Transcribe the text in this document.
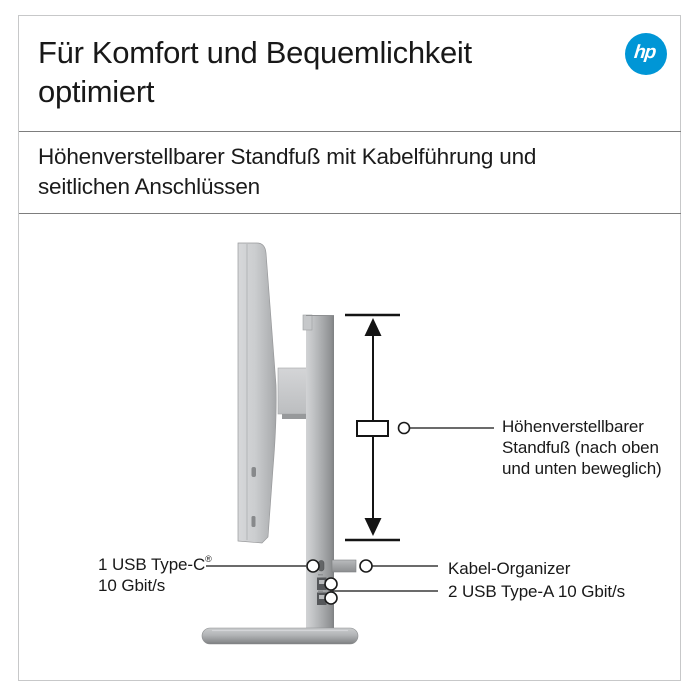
Für Komfort und Bequemlichkeit
optimiert
hp
Höhenverstellbarer Standfuß mit Kabelführung und
seitlichen Anschlüssen
Höhenverstellbarer
Standfuß (nach oben
und unten beweglich)
1 USB Type-C®
10 Gbit/s
Kabel-Organizer
2 USB Type-A 10 Gbit/s
